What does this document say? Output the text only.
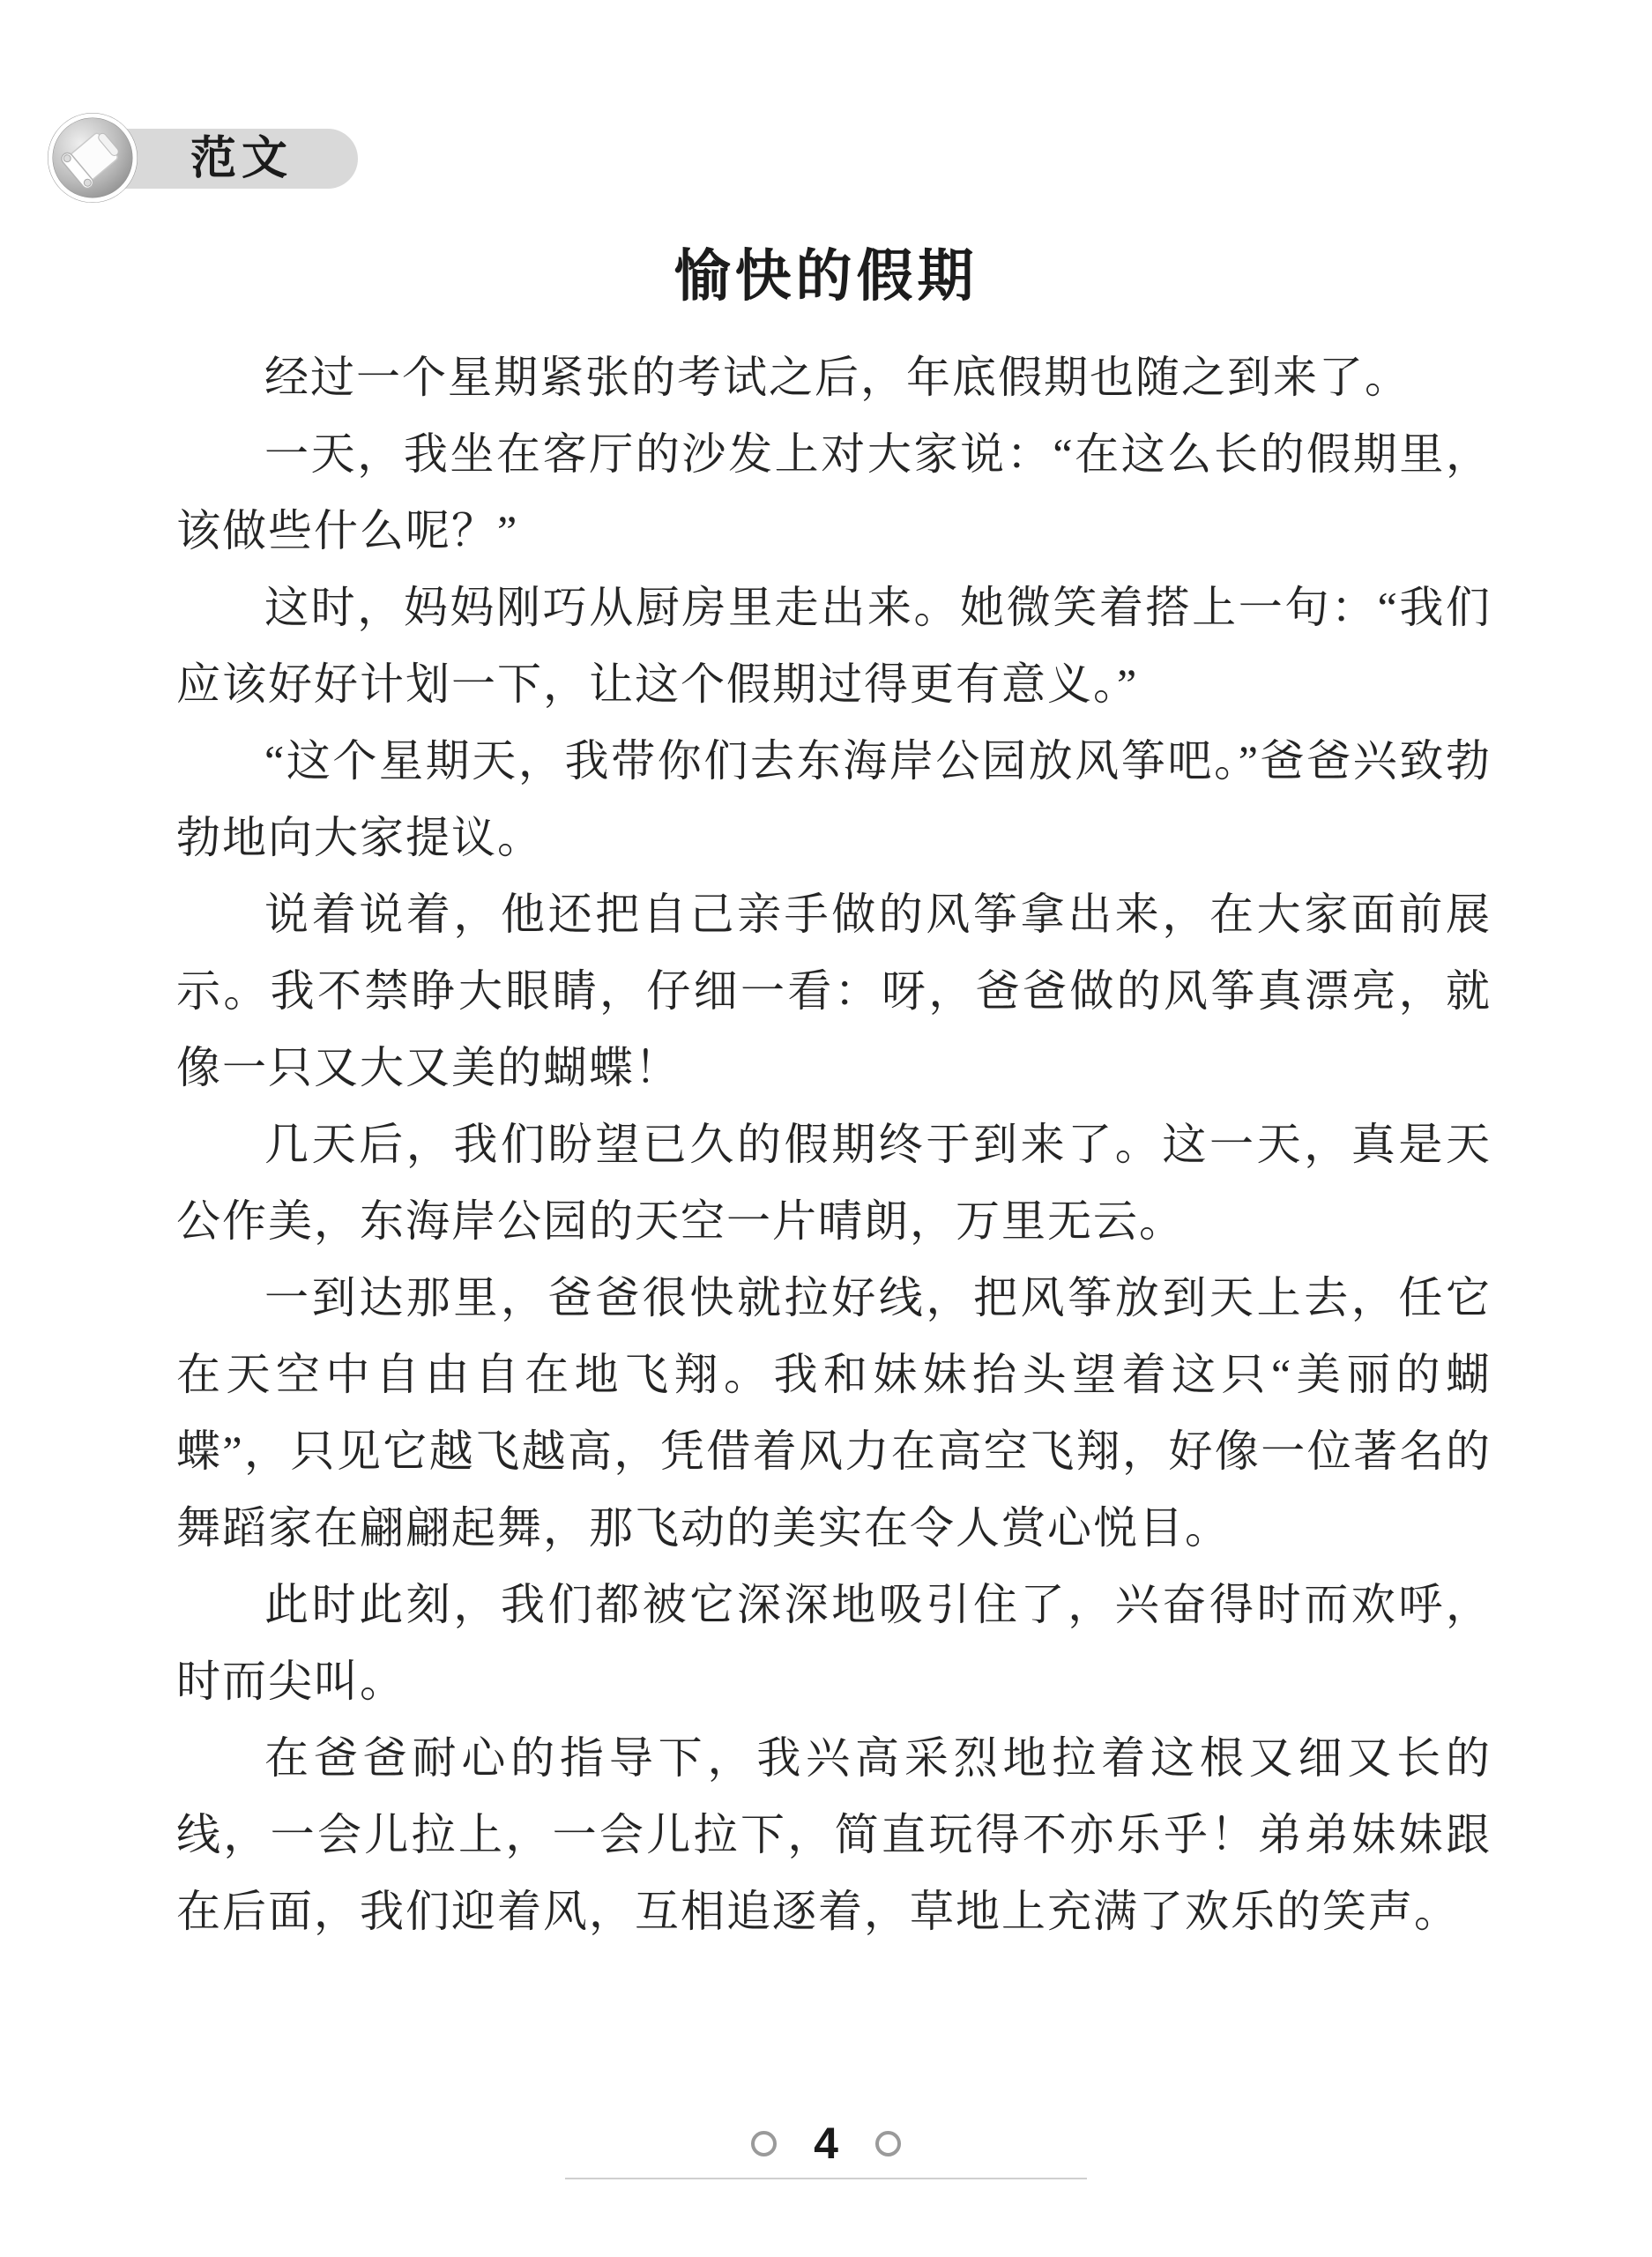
范文
愉快的假期

经过一个星期紧张的考试之后，年底假期也随之到来了。

一天，我坐在客厅的沙发上对大家说：“在这么长的假期里，该做些什么呢？”

这时，妈妈刚巧从厨房里走出来。她微笑着搭上一句：“我们应该好好计划一下，让这个假期过得更有意义。”

“这个星期天，我带你们去东海岸公园放风筝吧。”爸爸兴致勃勃地向大家提议。

说着说着，他还把自己亲手做的风筝拿出来，在大家面前展示。我不禁睁大眼睛，仔细一看：呀，爸爸做的风筝真漂亮，就像一只又大又美的蝴蝶！

几天后，我们盼望已久的假期终于到来了。这一天，真是天公作美，东海岸公园的天空一片晴朗，万里无云。

一到达那里，爸爸很快就拉好线，把风筝放到天上去，任它在天空中自由自在地飞翔。我和妹妹抬头望着这只“美丽的蝴蝶”，只见它越飞越高，凭借着风力在高空飞翔，好像一位著名的舞蹈家在翩翩起舞，那飞动的美实在令人赏心悦目。

此时此刻，我们都被它深深地吸引住了，兴奋得时而欢呼，时而尖叫。

在爸爸耐心的指导下，我兴高采烈地拉着这根又细又长的线，一会儿拉上，一会儿拉下，简直玩得不亦乐乎！弟弟妹妹跟在后面，我们迎着风，互相追逐着，草地上充满了欢乐的笑声。

4
